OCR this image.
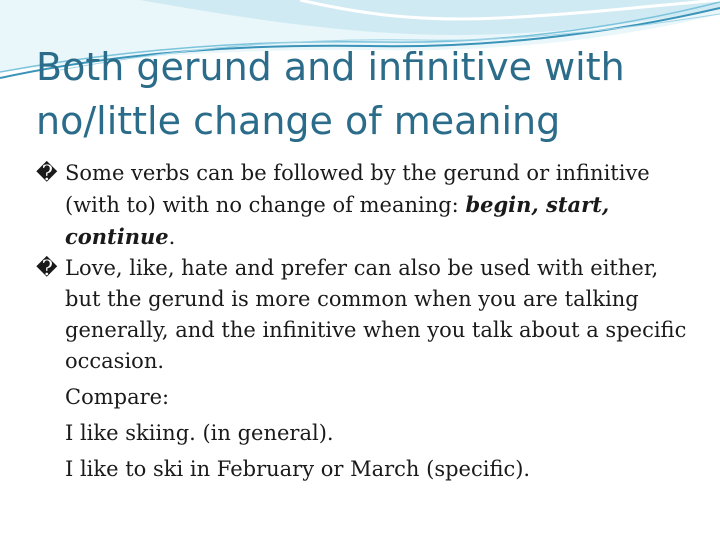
Both gerund and infinitive with
no/little change of meaning
� Some verbs can be followed by the gerund or infinitive (with to) with no change of meaning: begin, start, continue.

� Love, like, hate and prefer can also be used with either, but the gerund is more common when you are talking generally, and the infinitive when you talk about a specific occasion.

Compare:
I like skiing. (in general).
I like to ski in February or March (specific).
